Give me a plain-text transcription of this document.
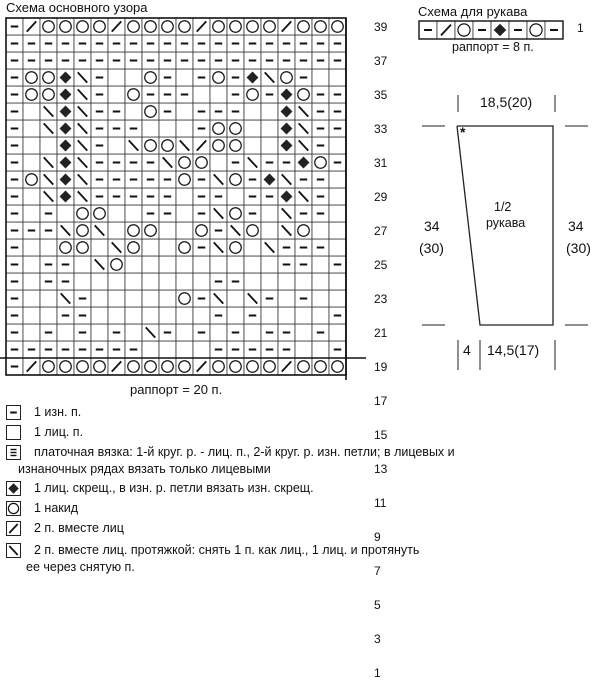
Схема основного узора
39
37
35
33
31
29
27
25
23
21
19
17
15
13
11
9
7
5
3
1
раппорт = 20 п.
Схема для рукава
1
раппорт = 8 п.
*
18,5(20)
34
(30)
34
(30)
1/2
рукава
4 14,5(17)
1 изн. п.
1 лиц. п.
платочная вязка: 1-й круг. р. - лиц. п., 2-й круг. р. изн. петли; в лицевых и
изнаночных рядах вязать только лицевыми
1 лиц. скрещ., в изн. р. петли вязать изн. скрещ.
1 накид
2 п. вместе лиц
2 п. вместе лиц. протяжкой: снять 1 п. как лиц., 1 лиц. и протянуть
ее через снятую п.
